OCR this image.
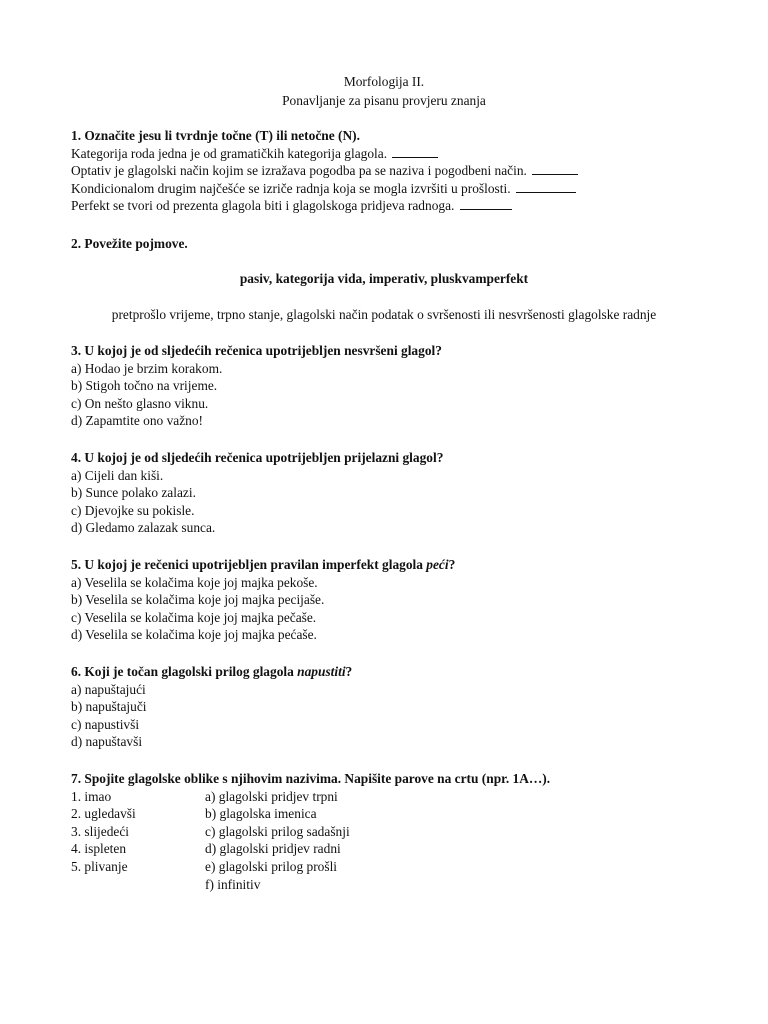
Morfologija II.
Ponavljanje za pisanu provjeru znanja
1. Označite jesu li tvrdnje točne (T) ili netočne (N).
Kategorija roda jedna je od gramatičkih kategorija glagola.
Optativ je glagolski način kojim se izražava pogodba pa se naziva i pogodbeni način.
Kondicionalom drugim najčešće se izriče radnja koja se mogla izvršiti u prošlosti.
Perfekt se tvori od prezenta glagola biti i glagolskoga pridjeva radnoga.
2. Povežite pojmove.
pasiv, kategorija vida, imperativ, pluskvamperfekt
pretprošlo vrijeme, trpno stanje, glagolski način podatak o svršenosti ili nesvršenosti glagolske radnje
3. U kojoj je od sljedećih rečenica upotrijebljen nesvršeni glagol?
a) Hodao je brzim korakom.
b) Stigoh točno na vrijeme.
c) On nešto glasno viknu.
d) Zapamtite ono važno!
4. U kojoj je od sljedećih rečenica upotrijebljen prijelazni glagol?
a) Cijeli dan kiši.
b) Sunce polako zalazi.
c) Djevojke su pokisle.
d) Gledamo zalazak sunca.
5. U kojoj je rečenici upotrijebljen pravilan imperfekt glagola peći?
a) Veselila se kolačima koje joj majka pekoše.
b) Veselila se kolačima koje joj majka pecijaše.
c) Veselila se kolačima koje joj majka pečaše.
d) Veselila se kolačima koje joj majka pećaše.
6. Koji je točan glagolski prilog glagola napustiti?
a) napuštajući
b) napuštajuči
c) napustivši
d) napuštavši
7. Spojite glagolske oblike s njihovim nazivima. Napišite parove na crtu (npr. 1A…).
1. imao	a) glagolski pridjev trpni
2. ugledavši	b) glagolska imenica
3. slijedeći	c) glagolski prilog sadašnji
4. ispleten	d) glagolski pridjev radni
5. plivanje	e) glagolski prilog prošli
f) infinitiv
